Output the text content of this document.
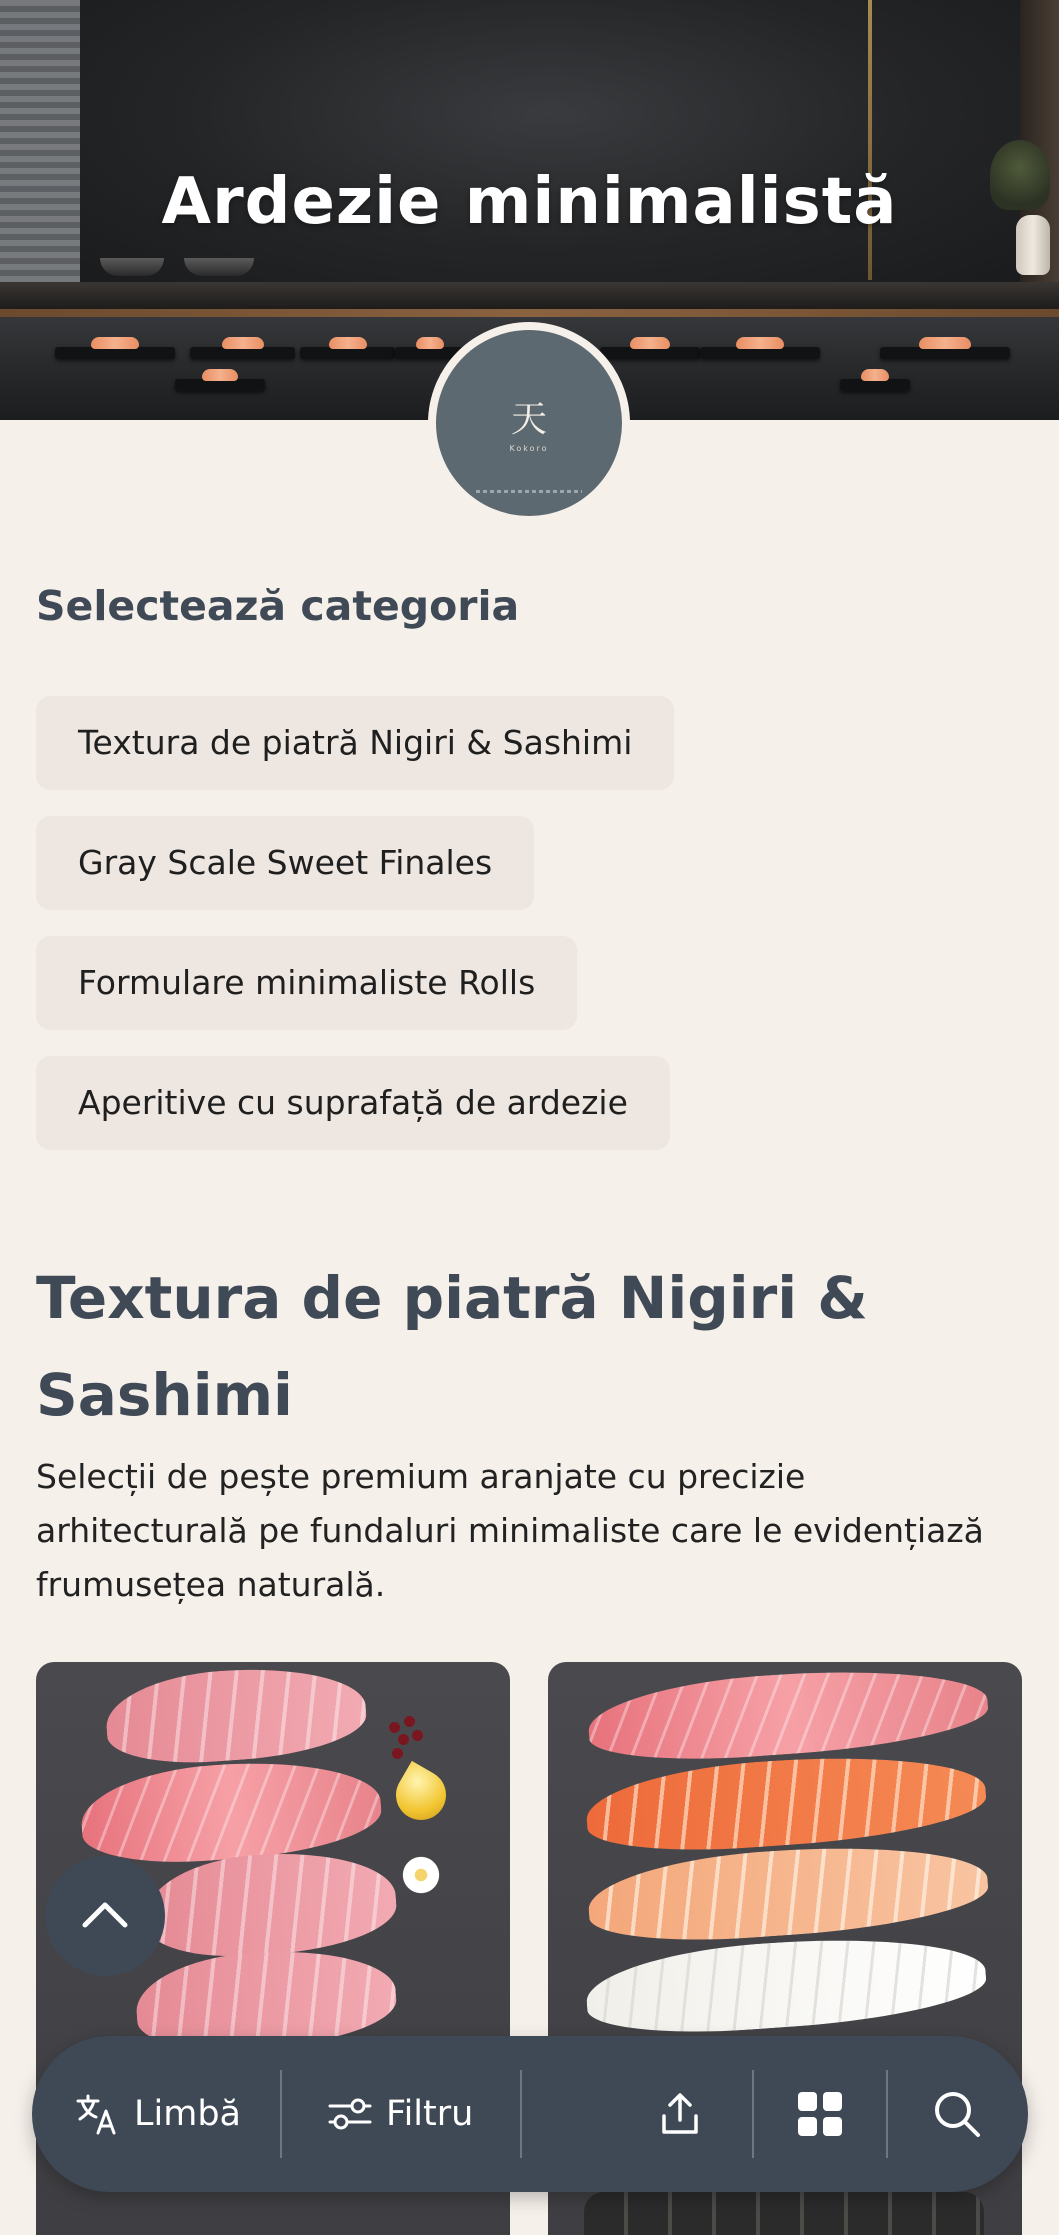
Ardezie minimalistă
天
Kokoro
Selectează categoria
Textura de piatră Nigiri & Sashimi
Gray Scale Sweet Finales
Formulare minimaliste Rolls
Aperitive cu suprafață de ardezie
Textura de piatră Nigiri & Sashimi
Selecții de pește premium aranjate cu precizie arhitecturală pe fundaluri minimaliste care le evidențiază frumusețea naturală.
Limbă	Filtru
